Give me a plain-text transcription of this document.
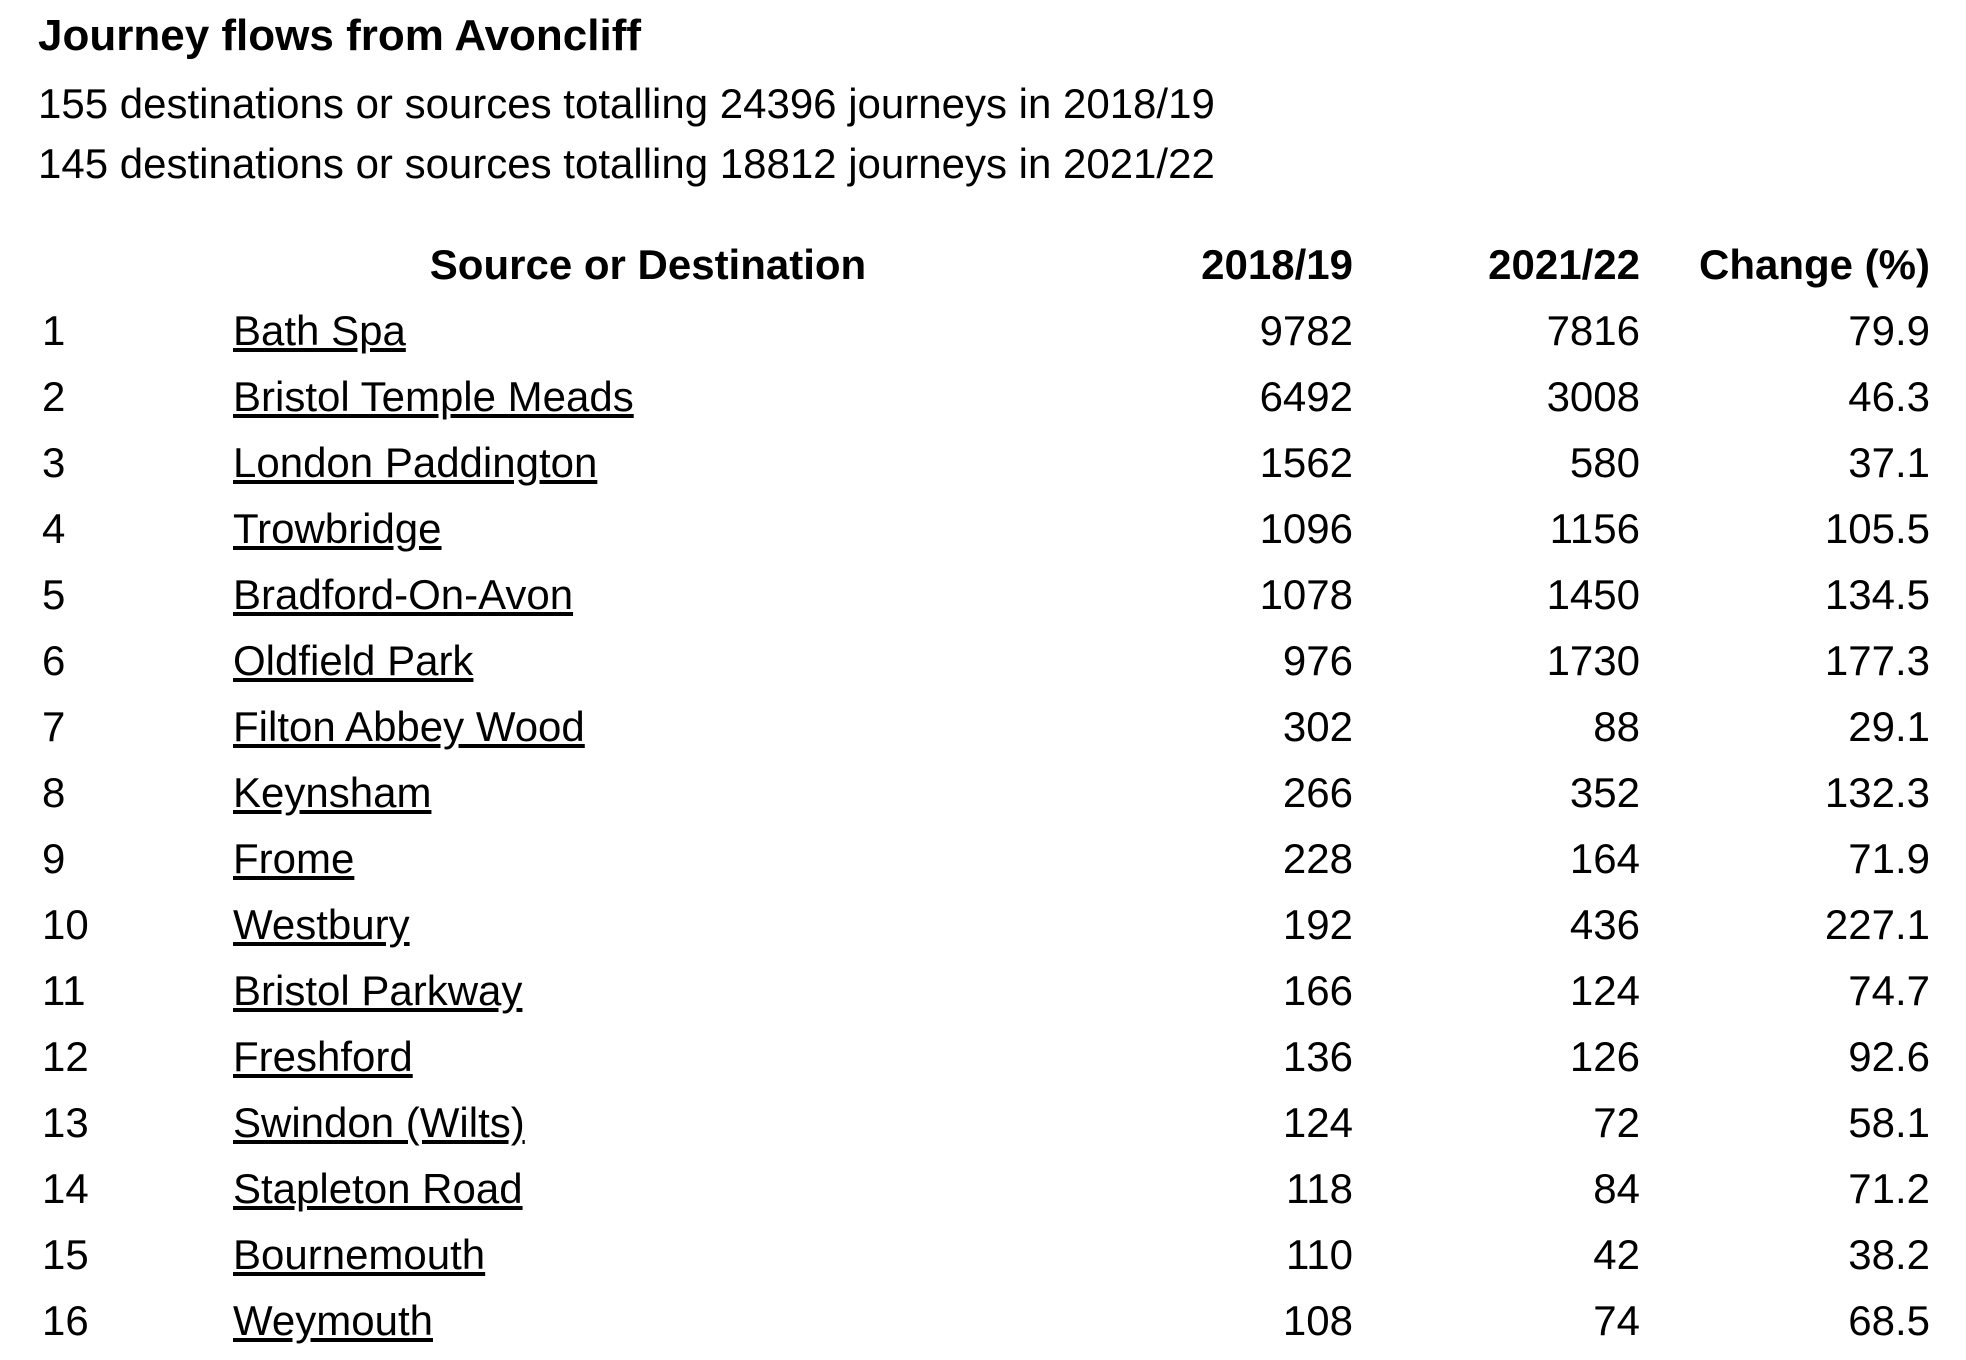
Journey flows from Avoncliff
155 destinations or sources totalling 24396 journeys in 2018/19
145 destinations or sources totalling 18812 journeys in 2021/22
	Source or Destination	2018/19	2021/22	Change (%)
1	Bath Spa	9782	7816	79.9
2	Bristol Temple Meads	6492	3008	46.3
3	London Paddington	1562	580	37.1
4	Trowbridge	1096	1156	105.5
5	Bradford-On-Avon	1078	1450	134.5
6	Oldfield Park	976	1730	177.3
7	Filton Abbey Wood	302	88	29.1
8	Keynsham	266	352	132.3
9	Frome	228	164	71.9
10	Westbury	192	436	227.1
11	Bristol Parkway	166	124	74.7
12	Freshford	136	126	92.6
13	Swindon (Wilts)	124	72	58.1
14	Stapleton Road	118	84	71.2
15	Bournemouth	110	42	38.2
16	Weymouth	108	74	68.5
